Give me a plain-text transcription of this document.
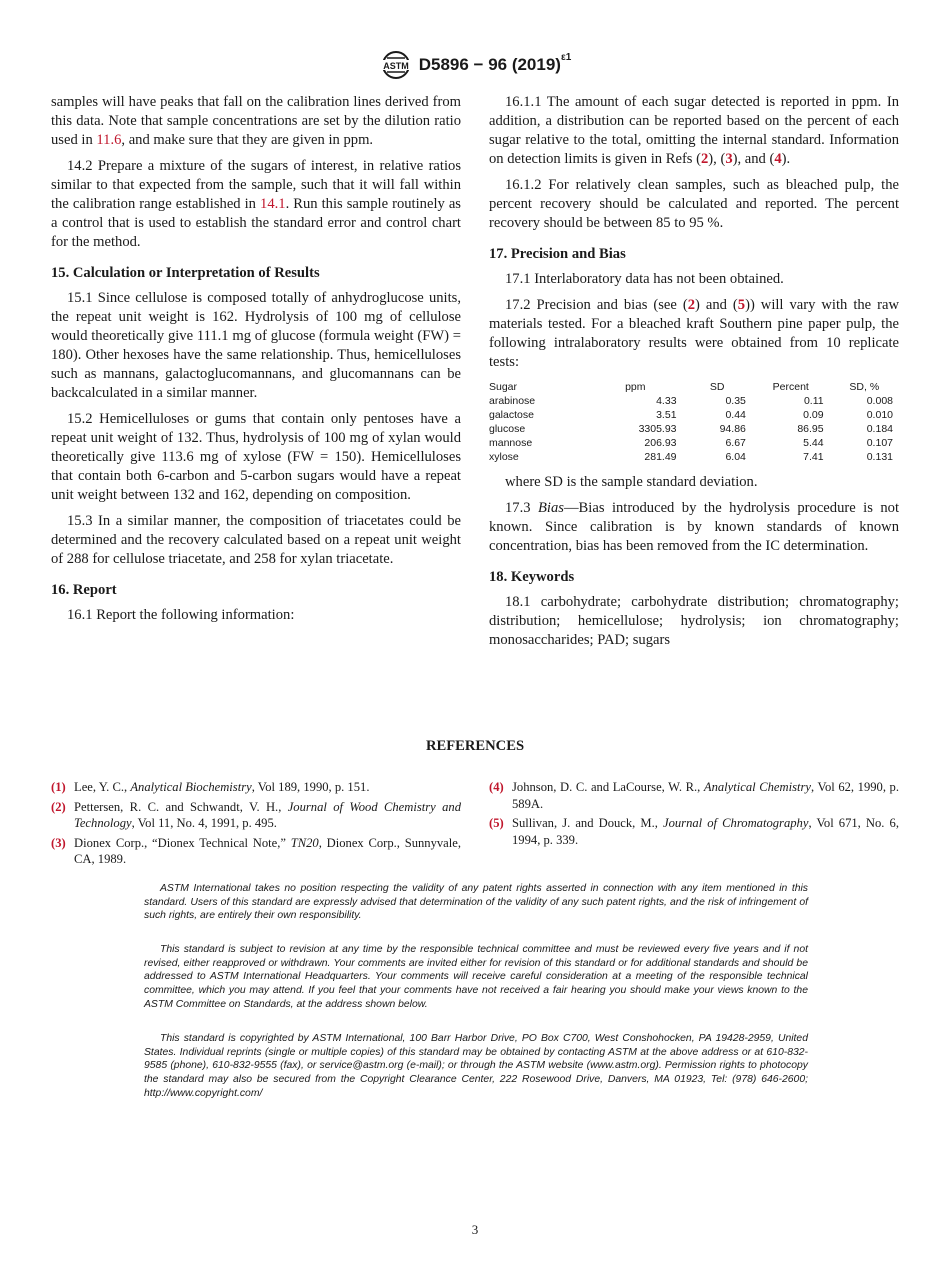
ASTM D5896 − 96 $(2019)^{\varepsilon 1}$

samples will have peaks that fall on the calibration lines derived from this data. Note that sample concentrations are set by the dilution ratio used in 11.6, and make sure that they are given in ppm.

14.2 Prepare a mixture of the sugars of interest, in relative ratios similar to that expected from the sample, such that it will fall within the calibration range established in 14.1. Run this sample routinely as a control that is used to establish the standard error and control chart for the method.

15. Calculation or Interpretation of Results

15.1 Since cellulose is composed totally of anhydroglucose units, the repeat unit weight is 162. Hydrolysis of 100 mg of cellulose would theoretically give 111.1 mg of glucose (formula weight (FW) = 180). Other hexoses have the same relationship. Thus, hemicelluloses such as mannans, galactoglucomannans, and glucomannans can be backcalculated in a similar manner.

15.2 Hemicelluloses or gums that contain only pentoses have a repeat unit weight of 132. Thus, hydrolysis of 100 mg of xylan would theoretically give 113.6 mg of xylose (FW = 150). Hemicelluloses that contain both 6-carbon and 5-carbon sugars would have a repeat unit weight between 132 and 162, depending on composition.

15.3 In a similar manner, the composition of triacetates could be determined and the recovery calculated based on a repeat unit weight of 288 for cellulose triacetate, and 258 for xylan triacetate.

16. Report

16.1 Report the following information:

16.1.1 The amount of each sugar detected is reported in ppm. In addition, a distribution can be reported based on the percent of each sugar relative to the total, omitting the internal standard. Information on detection limits is given in Refs (2), (3), and (4).

16.1.2 For relatively clean samples, such as bleached pulp, the percent recovery should be calculated and reported. The percent recovery should be between 85 to 95 %.

17. Precision and Bias

17.1 Interlaboratory data has not been obtained.

17.2 Precision and bias (see (2) and (5)) will vary with the raw materials tested. For a bleached kraft Southern pine paper pulp, the following intralaboratory results were obtained from 10 replicate tests:

Sugar	ppm	SD	Percent	SD, %
arabinose	4.33	0.35	0.11	0.008
galactose	3.51	0.44	0.09	0.010
glucose	3305.93	94.86	86.95	0.184
mannose	206.93	6.67	5.44	0.107
xylose	281.49	6.04	7.41	0.131

where SD is the sample standard deviation.

17.3 Bias—Bias introduced by the hydrolysis procedure is not known. Since calibration is by known standards of known concentration, bias has been removed from the IC determination.

18. Keywords

18.1 carbohydrate; carbohydrate distribution; chromatography; distribution; hemicellulose; hydrolysis; ion chromatography; monosaccharides; PAD; sugars

REFERENCES
(1) Lee, Y. C., Analytical Biochemistry, Vol 189, 1990, p. 151.
(2) Pettersen, R. C. and Schwandt, V. H., Journal of Wood Chemistry and Technology, Vol 11, No. 4, 1991, p. 495.
(3) Dionex Corp., “Dionex Technical Note,” TN20, Dionex Corp., Sunnyvale, CA, 1989.
(4) Johnson, D. C. and LaCourse, W. R., Analytical Chemistry, Vol 62, 1990, p. 589A.
(5) Sullivan, J. and Douck, M., Journal of Chromatography, Vol 671, No. 6, 1994, p. 339.
ASTM International takes no position respecting the validity of any patent rights asserted in connection with any item mentioned in this standard. Users of this standard are expressly advised that determination of the validity of any such patent rights, and the risk of infringement of such rights, are entirely their own responsibility.
This standard is subject to revision at any time by the responsible technical committee and must be reviewed every five years and if not revised, either reapproved or withdrawn. Your comments are invited either for revision of this standard or for additional standards and should be addressed to ASTM International Headquarters. Your comments will receive careful consideration at a meeting of the responsible technical committee, which you may attend. If you feel that your comments have not received a fair hearing you should make your views known to the ASTM Committee on Standards, at the address shown below.
This standard is copyrighted by ASTM International, 100 Barr Harbor Drive, PO Box C700, West Conshohocken, PA 19428-2959, United States. Individual reprints (single or multiple copies) of this standard may be obtained by contacting ASTM at the above address or at 610-832-9585 (phone), 610-832-9555 (fax), or service@astm.org (e-mail); or through the ASTM website (www.astm.org). Permission rights to photocopy the standard may also be secured from the Copyright Clearance Center, 222 Rosewood Drive, Danvers, MA 01923, Tel: (978) 646-2600; http://www.copyright.com/
3
